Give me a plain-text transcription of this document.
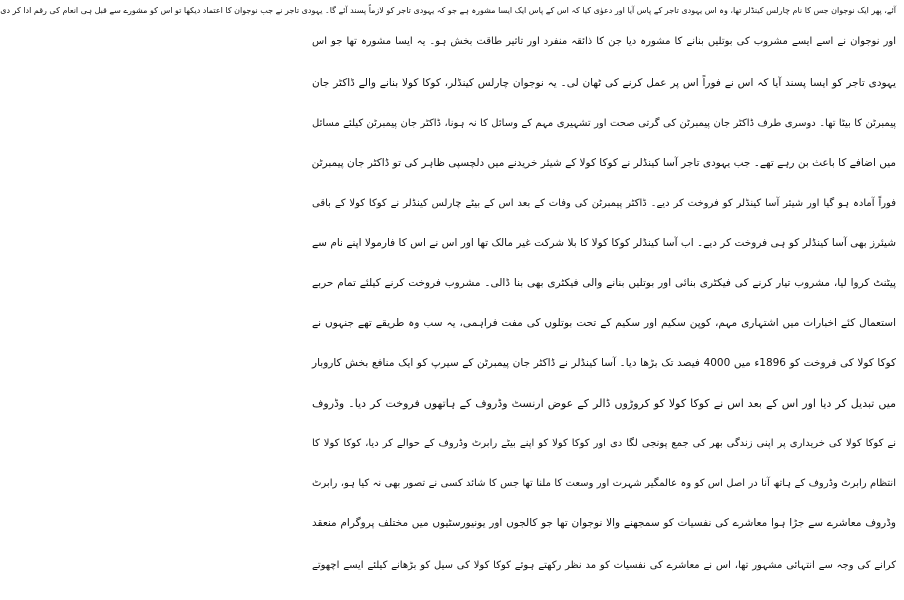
آئے، پھر ایک نوجوان جس کا نام چارلس کینڈلر تھا، وہ اس یہودی تاجر کے پاس آیا اور دعوٰی کیا کہ اس کے پاس ایک ایسا مشورہ ہے جو کہ یہودی تاجر کو لازماً پسند آئے گا۔ یہودی تاجر نے جب نوجوان کا اعتماد دیکھا تو اس کو مشورے سے قبل ہی انعام کی رقم ادا کر دی
اور نوجوان نے اسے ایسے مشروب کی بوتلیں بنانے کا مشورہ دیا جن کا ذائقہ منفرد اور تاثیر طاقت بخش ہو۔ یہ ایسا مشورہ تھا جو اس
یہودی تاجر کو ایسا پسند آیا کہ اس نے فوراً اس پر عمل کرنے کی ٹھان لی۔ یہ نوجوان چارلس کینڈلر، کوکا کولا بنانے والے ڈاکٹر جان
پیمبرٹن کا بیٹا تھا۔ دوسری طرف ڈاکٹر جان پیمبرٹن کی گرتی صحت اور تشہیری مہم کے وسائل کا نہ ہونا، ڈاکٹر جان پیمبرٹن کیلئے مسائل
میں اضافے کا باعث بن رہے تھے۔ جب یہودی تاجر آسا کینڈلر نے کوکا کولا کے شیئر خریدنے میں دلچسپی ظاہر کی تو ڈاکٹر جان پیمبرٹن
فوراً آمادہ ہو گیا اور شیئر آسا کینڈلر کو فروخت کر دیے۔ ڈاکٹر پیمبرٹن کی وفات کے بعد اس کے بیٹے چارلس کینڈلر نے کوکا کولا کے باقی
شیئرز بھی آسا کینڈلر کو ہی فروخت کر دیے۔ اب آسا کینڈلر کوکا کولا کا بلا شرکت غیر مالک تھا اور اس نے اس کا فارمولا اپنے نام سے
پیٹنٹ کروا لیا، مشروب تیار کرنے کی فیکٹری بنائی اور بوتلیں بنانے والی فیکٹری بھی بنا ڈالی۔ مشروب فروخت کرنے کیلئے تمام حربے
استعمال کئے اخبارات میں اشتہاری مہم، کوپن سکیم اور سکیم کے تحت بوتلوں کی مفت فراہمی، یہ سب وہ طریقے تھے جنہوں نے
کوکا کولا کی فروخت کو 1896ء میں 4000 فیصد تک بڑھا دیا۔ آسا کینڈلر نے ڈاکٹر جان پیمبرٹن کے سیرپ کو ایک منافع بخش کاروبار
میں تبدیل کر دیا اور اس کے بعد اس نے کوکا کولا کو کروڑوں ڈالر کے عوض ارنسٹ وڈروف کے ہاتھوں فروخت کر دیا۔ وڈروف
نے کوکا کولا کی خریداری پر اپنی زندگی بھر کی جمع پونجی لگا دی اور کوکا کولا کو اپنے بیٹے رابرٹ وڈروف کے حوالے کر دیا، کوکا کولا کا
انتظام رابرٹ وڈروف کے ہاتھ آنا در اصل اس کو وہ عالمگیر شہرت اور وسعت کا ملنا تھا جس کا شائد کسی نے تصور بھی نہ کیا ہو، رابرٹ
وڈروف معاشرے سے جڑا ہوا معاشرے کی نفسیات کو سمجھنے والا نوجوان تھا جو کالجوں اور یونیورسٹیوں میں مختلف پروگرام منعقد
کرانے کی وجہ سے انتہائی مشہور تھا، اس نے معاشرے کی نفسیات کو مد نظر رکھتے ہوئے کوکا کولا کی سیل کو بڑھانے کیلئے ایسے اچھوتے
